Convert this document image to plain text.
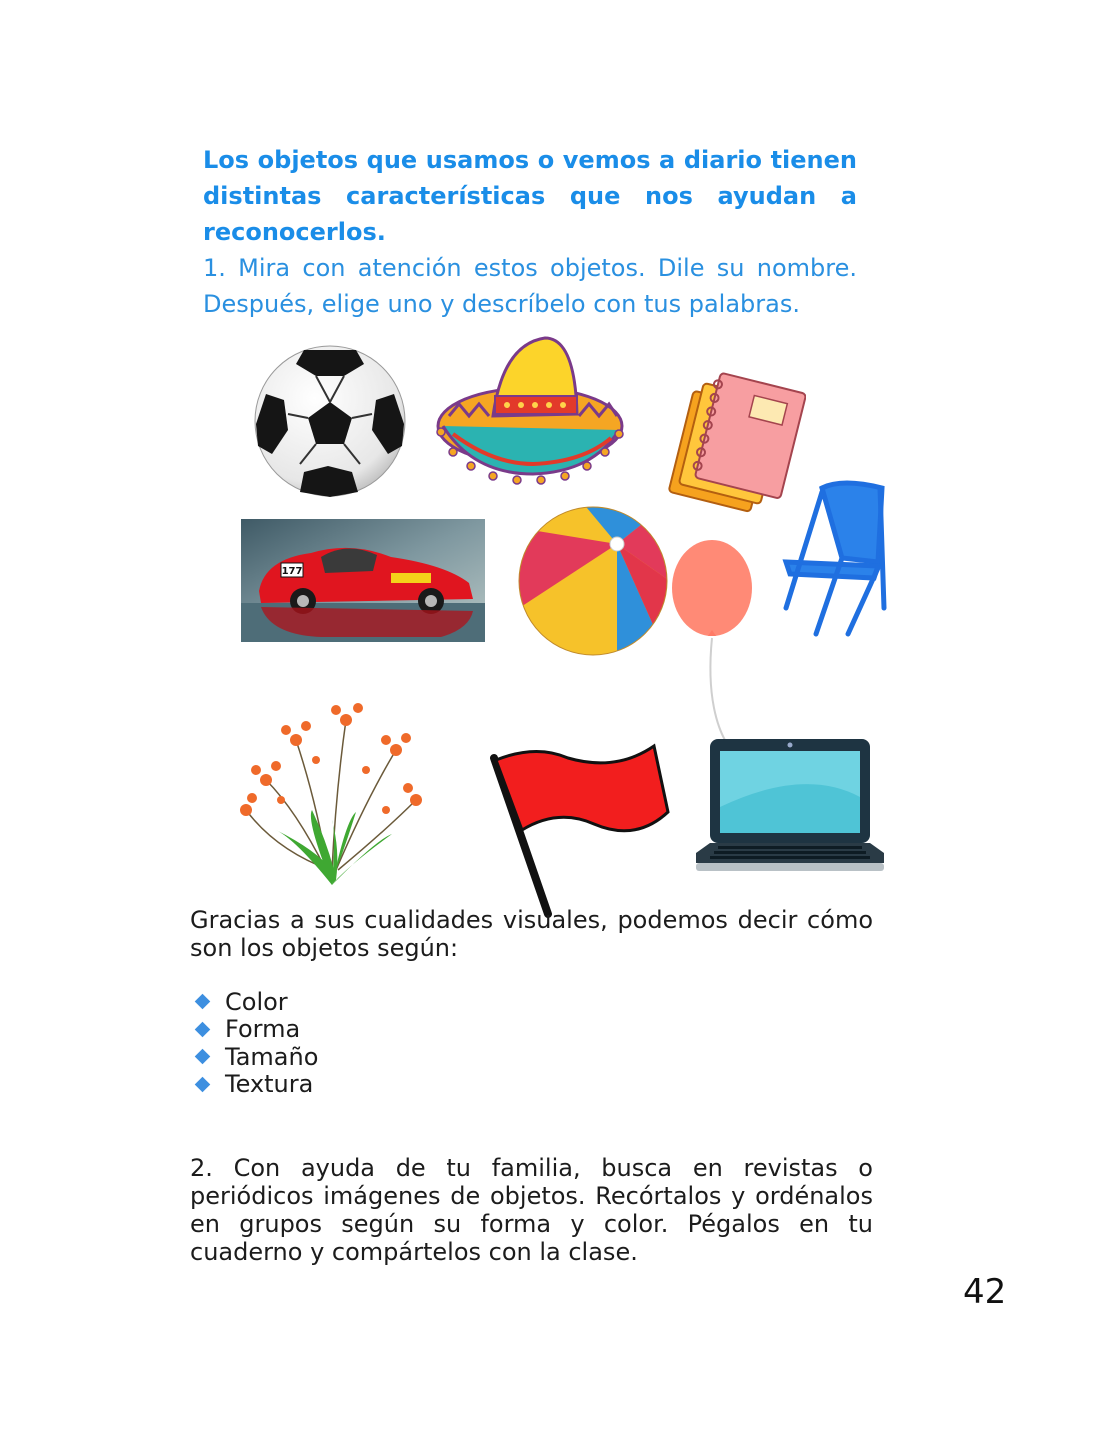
Los objetos que usamos o vemos a diario tienen distintas características que nos ayudan a reconocerlos.

1. Mira con atención estos objetos. Dile su nombre. Después, elige uno y descríbelo con tus palabras.

177

Gracias a sus cualidades visuales, podemos decir cómo son los objetos según:

Color
Forma
Tamaño
Textura

2. Con ayuda de tu familia, busca en revistas o periódicos imágenes de objetos. Recórtalos y ordénalos en grupos según su forma y color. Pégalos en tu cuaderno y compártelos con la clase.

42
